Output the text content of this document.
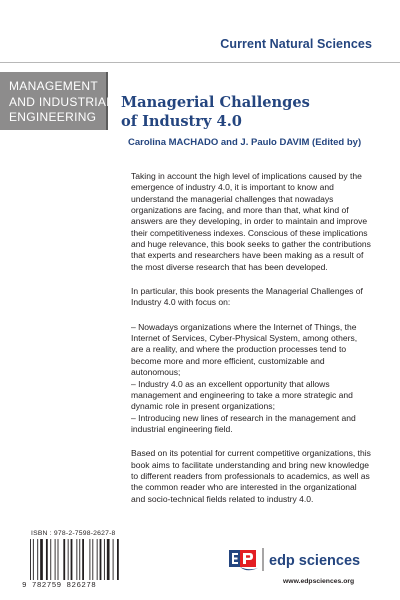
Current Natural Sciences
MANAGEMENT
AND INDUSTRIAL
ENGINEERING
Managerial Challenges
of Industry 4.0
Carolina MACHADO and J. Paulo DAVIM (Edited by)

Taking in account the high level of implications caused by the emergence of industry 4.0, it is important to know and understand the managerial challenges that nowadays organizations are facing, and more than that, what kind of answers are they developing, in order to maintain and improve their competitiveness indexes. Conscious of these implications and huge relevance, this book seeks to gather the contributions that experts and researchers have been making as a result of the most diverse research that has been developed.

In particular, this book presents the Managerial Challenges of Industry 4.0 with focus on:

– Nowadays organizations where the Internet of Things, the Internet of Services, Cyber-Physical System, among others, are a reality, and where the production processes tend to become more and more efficient, customizable and autonomous;

– Industry 4.0 as an excellent opportunity that allows management and engineering to take a more strategic and dynamic role in present organizations;

– Introducing new lines of research in the management and industrial engineering field.

Based on its potential for current competitive organizations, this book aims to facilitate understanding and bring new knowledge to different readers from professionals to academics, as well as the common reader who are interested in the organizational and socio-technical fields related to industry 4.0.

ISBN : 978-2-7598-2627-8
9 782759 826278
edp sciences
www.edpsciences.org
